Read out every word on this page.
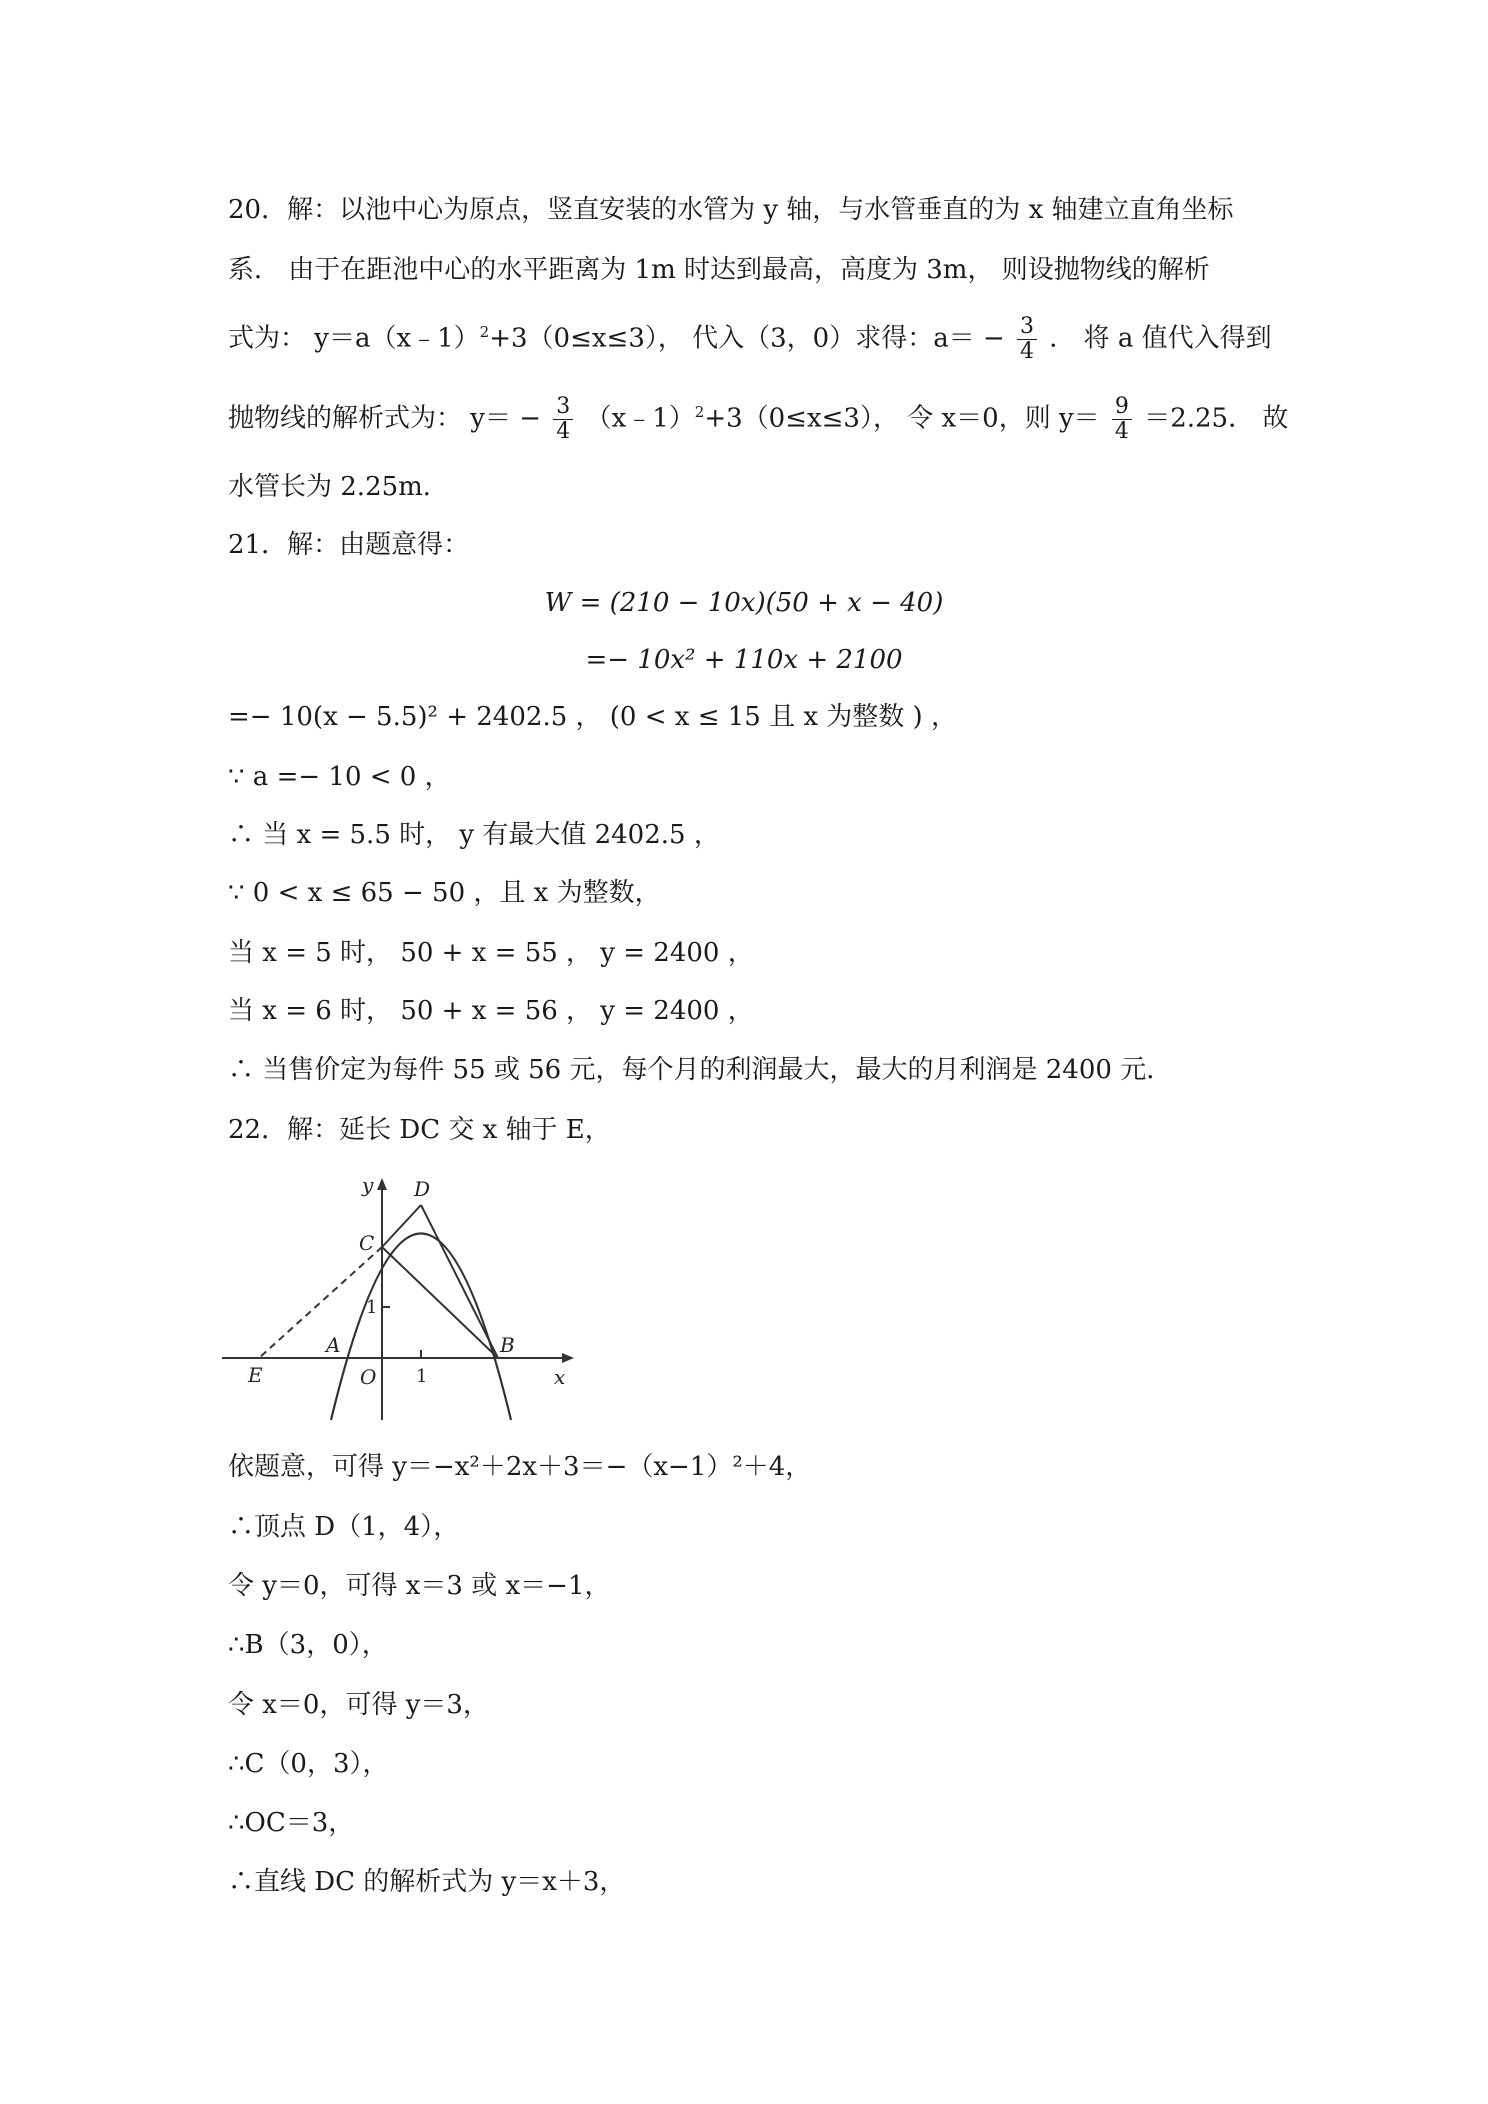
20．解：以池中心为原点，竖直安装的水管为 y 轴，与水管垂直的为 x 轴建立直角坐标
系． 由于在距池中心的水平距离为 1m 时达到最高，高度为 3m， 则设抛物线的解析
式为： y＝a（x﹣1）$^2$+3（0≤x≤3）， 代入（3，0）求得：$a= - \frac{3}{4}$ ． 将 a 值代入得到
抛物线的解析式为： $y= - \frac{3}{4}$ （x﹣1）$^2$+3（0≤x≤3）， 令 x＝0，则 $y= \frac{9}{4} =2.25$． 故
水管长为 2.25m．
21．解：由题意得：
W = (210 − 10x)(50 + x − 40)
=− 10x² + 110x + 2100
=− 10(x − 5.5)² + 2402.5 ， (0 < x ≤ 15 且 x 为整数 ) ，
∵ a =− 10 < 0 ，
∴ 当 x = 5.5 时， y 有最大值 2402.5 ，
∵ 0 < x ≤ 65 − 50 ，且 x 为整数，
当 x = 5 时， 50 + x = 55 ， y = 2400 ，
当 x = 6 时， 50 + x = 56 ， y = 2400 ，
∴ 当售价定为每件 55 或 56 元，每个月的利润最大，最大的月利润是 2400 元．
22．解：延长 DC 交 x 轴于 E，
y
x
D
C
A	B
E	O 1
1
依题意，可得 y＝−x²＋2x＋3＝−（x−1）²＋4，
∴顶点 D（1，4），
令 y＝0，可得 x＝3 或 x＝−1，
∴B（3，0），
令 x＝0，可得 y＝3，
∴C（0，3），
∴OC＝3，
∴直线 DC 的解析式为 y＝x＋3，
